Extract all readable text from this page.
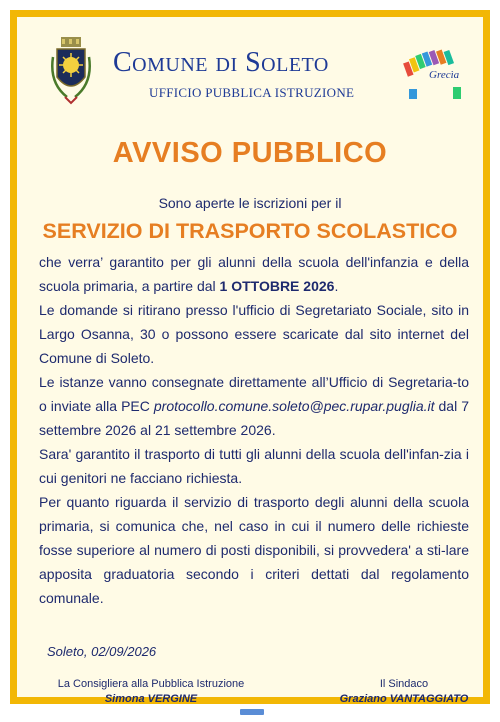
Comune di Soleto
UFFICIO PUBBLICA ISTRUZIONE
Grecìa
AVVISO PUBBLICO
Sono aperte le iscrizioni per il
SERVIZIO DI TRASPORTO SCOLASTICO

che verra’ garantito per gli alunni della scuola dell'infanzia e della scuola primaria, a partire dal 1 OTTOBRE 2026.

Le domande si ritirano presso l'ufficio di Segretariato Sociale, sito in Largo Osanna, 30 o possono essere scaricate dal sito internet del Comune di Soleto.

Le istanze vanno consegnate direttamente all’Ufficio di Segretaria-to o inviate alla PEC protocollo.comune.soleto@pec.rupar.puglia.it dal 7 settembre 2026 al 21 settembre 2026.

Sara' garantito il trasporto di tutti gli alunni della scuola dell'infan-zia i cui genitori ne facciano richiesta.

Per quanto riguarda il servizio di trasporto degli alunni della scuola primaria, si comunica che, nel caso in cui il numero delle richieste fosse superiore al numero di posti disponibili, si provvedera' a sti-lare apposita graduatoria secondo i criteri dettati dal regolamento comunale.

Soleto, 02/09/2026
La Consigliera alla Pubblica Istruzione
Simona VERGINE
Il Sindaco
Graziano VANTAGGIATO
